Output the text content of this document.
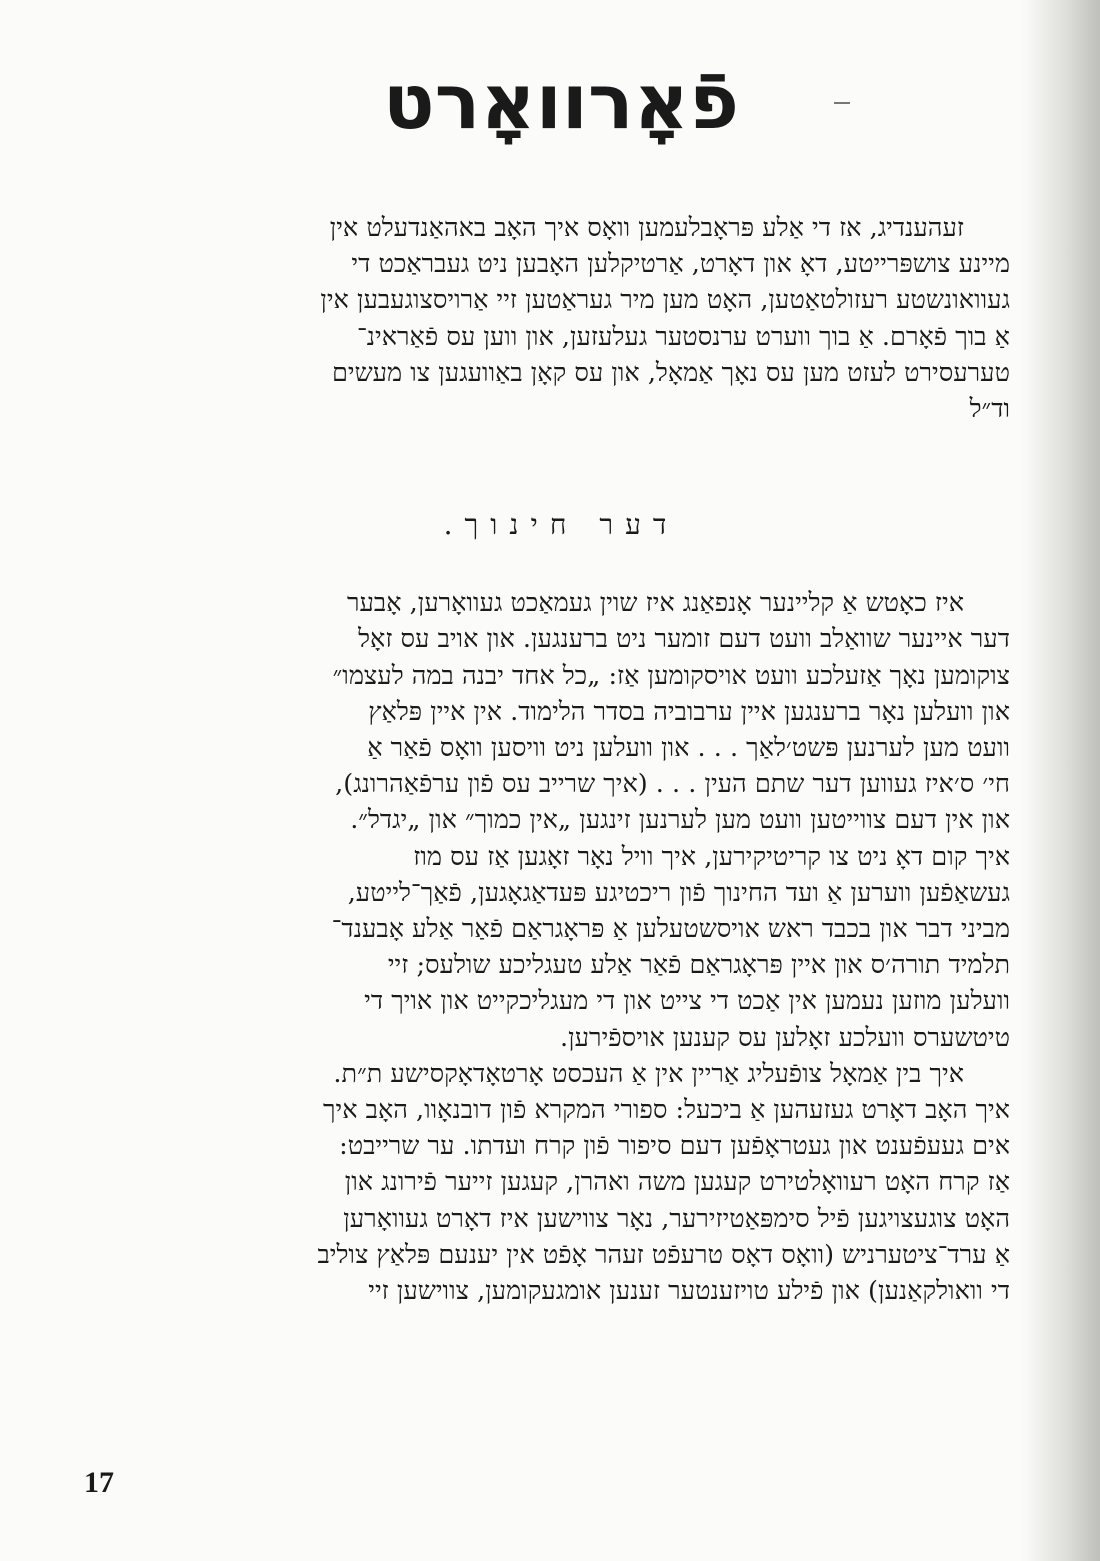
פֿאָרוואָרט

זעהענדיג, אז די אַלע פּראָבלעמען וואָס איך האָב באהאַנדעלט אין
מיינע צושפּרייטע, דאָ און דאָרט, אַרטיקלען האָבען ניט געבראַכט די
געוואונשטע רעזולטאַטען, האָט מען מיר געראַטען זיי אַרויסצוגעבען אין
אַ בוך פֿאָרם. אַ בוך ווערט ערנסטער געלעזען, און ווען עס פֿאַראינ־
טערעסירט לעזט מען עס נאָך אַמאָל, און עס קאָן באַוועגען צו מעשים
וד״ל

דער חינוך.

איז כאָטש אַ קליינער אָנפאַנג איז שוין געמאַכט געוואָרען, אָבער
דער איינער שוואַלב וועט דעם זומער ניט ברענגען. און אויב עס זאָל
צוקומען נאָך אַזעלכע וועט אויסקומען אַז: „כל אחד יבנה במה לעצמו״
און וועלען נאָר ברענגען איין ערבוביה בסדר הלימוד. אין איין פּלאַץ
וועט מען לערנען פּשט׳לאַך . . . און וועלען ניט וויסען וואָס פֿאַר אַ
חי׳ ס׳איז געווען דער שתם העין . . . (איך שרייב עס פֿון ערפֿאַהרונג),
און אין דעם צווייטען וועט מען לערנען זינגען „אין כמוך״ און „יגדל״.
איך קום דאָ ניט צו קריטיקירען, איך וויל נאָר זאָגען אַז עס מוז
געשאַפֿען ווערען אַ ועד החינוך פֿון ריכטיגע פּעדאַגאָגען, פֿאַך־לייטע,
מביני דבר און בכבד ראש אויסשטעלען אַ פּראָגראַם פֿאַר אַלע אָבענד־
תלמיד תורה׳ס און איין פּראָגראַם פֿאַר אַלע טעגליכע שולעס; זיי
וועלען מוזען נעמען אין אַכט די צייט און די מעגליכקייט און אויך די
טיטשערס וועלכע זאָלען עס קענען אויספֿירען.

איך בין אַמאָל צופֿעליג אַריין אין אַ העכסט אָרטאָדאָקסישע ת״ת.
איך האָב דאָרט געזעהען אַ ביכעל: ספורי המקרא פֿון דובנאָוו, האָב איך
אים געעפֿענט און געטראָפֿען דעם סיפור פֿון קרח ועדתו. ער שרייבט:
אַז קרח האָט רעוואָלטירט קעגען משה ואהרן, קעגען זייער פֿירונג און
האָט צוגעצויגען פֿיל סימפּאַטיזירער, נאָר צווישען איז דאָרט געוואָרען
אַ ערד־ציטערניש (וואָס דאָס טרעפֿט זעהר אָפֿט אין יענעם פּלאַץ צוליב
די וואולקאַנען) און פֿילע טויזענטער זענען אומגעקומען, צווישען זיי

17
